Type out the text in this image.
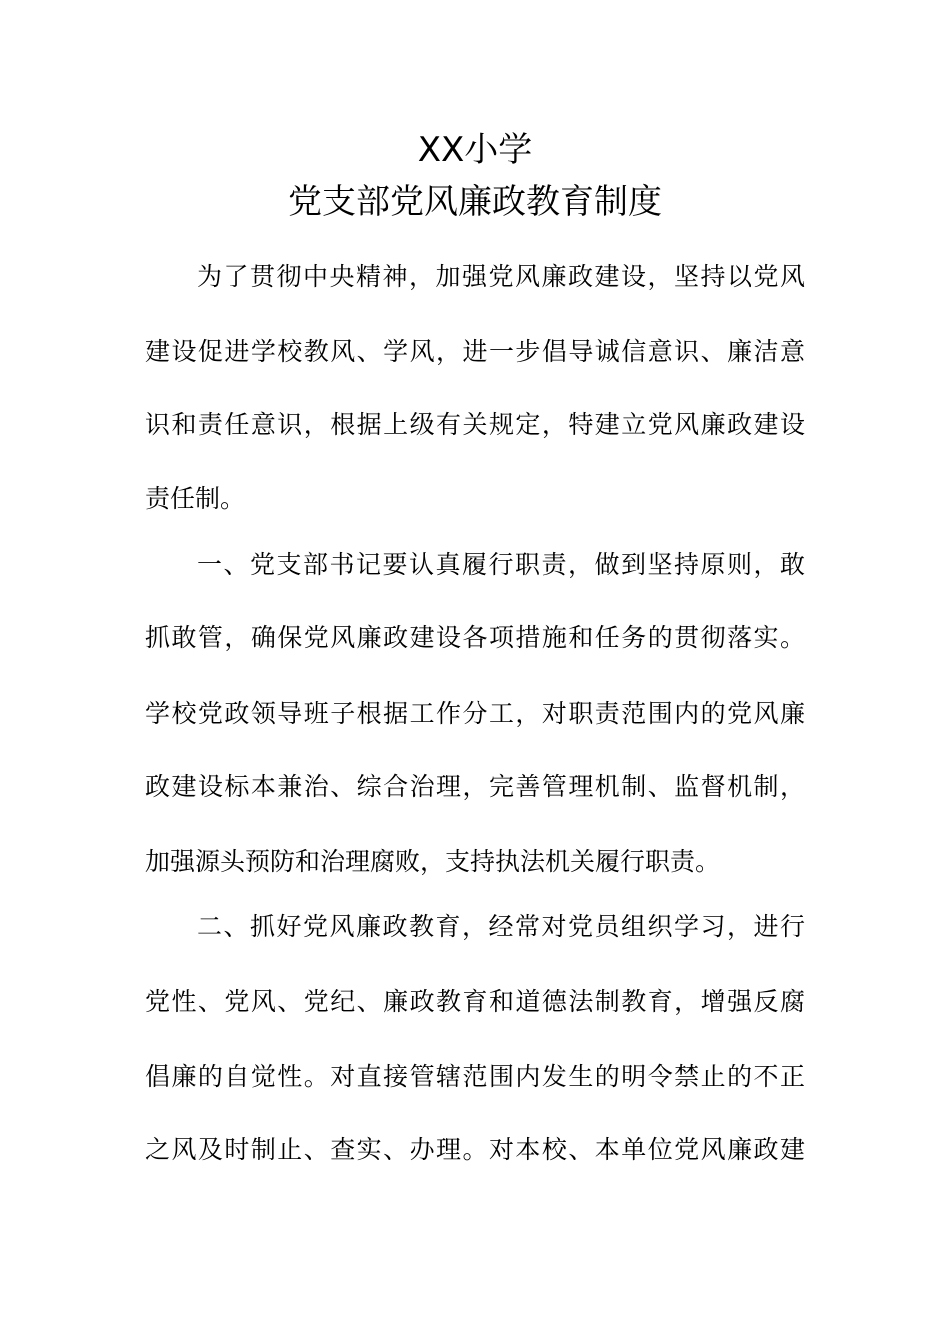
XX小学
党支部党风廉政教育制度
为了贯彻中央精神，加强党风廉政建设，坚持以党风
建设促进学校教风、学风，进一步倡导诚信意识、廉洁意
识和责任意识，根据上级有关规定，特建立党风廉政建设
责任制。
一、党支部书记要认真履行职责，做到坚持原则，敢
抓敢管，确保党风廉政建设各项措施和任务的贯彻落实。
学校党政领导班子根据工作分工，对职责范围内的党风廉
政建设标本兼治、综合治理，完善管理机制、监督机制，
加强源头预防和治理腐败，支持执法机关履行职责。
二、抓好党风廉政教育，经常对党员组织学习，进行
党性、党风、党纪、廉政教育和道德法制教育，增强反腐
倡廉的自觉性。对直接管辖范围内发生的明令禁止的不正
之风及时制止、查实、办理。对本校、本单位党风廉政建
